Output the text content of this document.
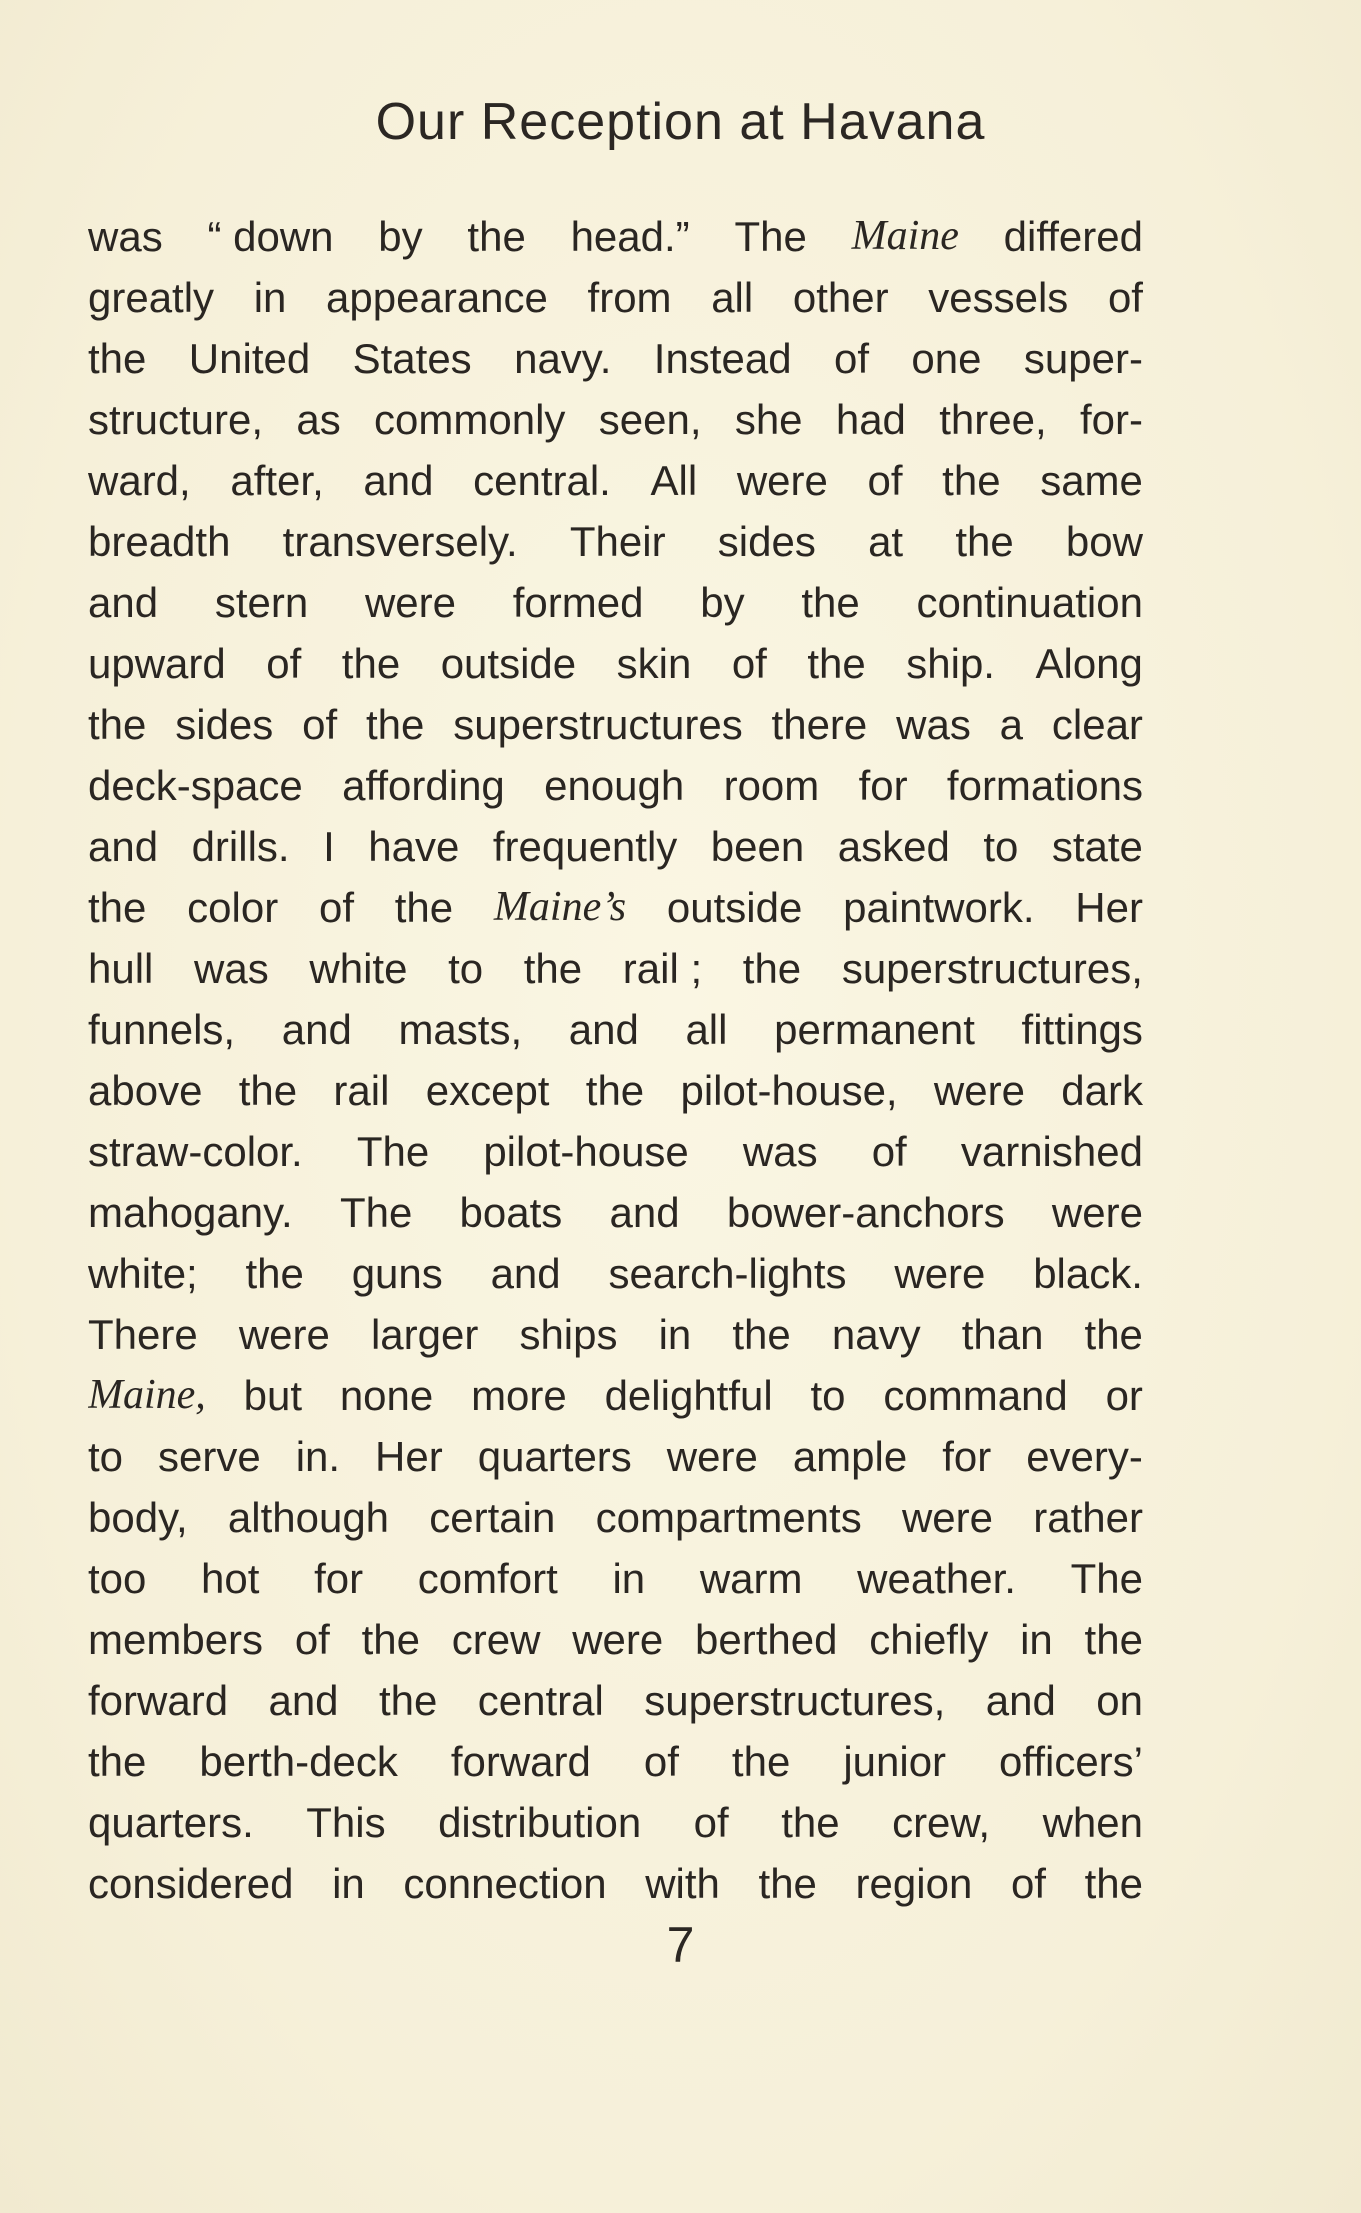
Our Reception at Havana
was “ down by the head.” The Maine differed
greatly in appearance from all other vessels of
the United States navy. Instead of one super-
structure, as commonly seen, she had three, for-
ward, after, and central. All were of the same
breadth transversely. Their sides at the bow
and stern were formed by the continuation
upward of the outside skin of the ship. Along
the sides of the superstructures there was a clear
deck-space affording enough room for formations
and drills. I have frequently been asked to state
the color of the Maine’s outside paintwork. Her
hull was white to the rail ; the superstructures,
funnels, and masts, and all permanent fittings
above the rail except the pilot-house, were dark
straw-color. The pilot-house was of varnished
mahogany. The boats and bower-anchors were
white; the guns and search-lights were black.
There were larger ships in the navy than the
Maine, but none more delightful to command or
to serve in. Her quarters were ample for every-
body, although certain compartments were rather
too hot for comfort in warm weather. The
members of the crew were berthed chiefly in the
forward and the central superstructures, and on
the berth-deck forward of the junior officers’
quarters. This distribution of the crew, when
considered in connection with the region of the
7
